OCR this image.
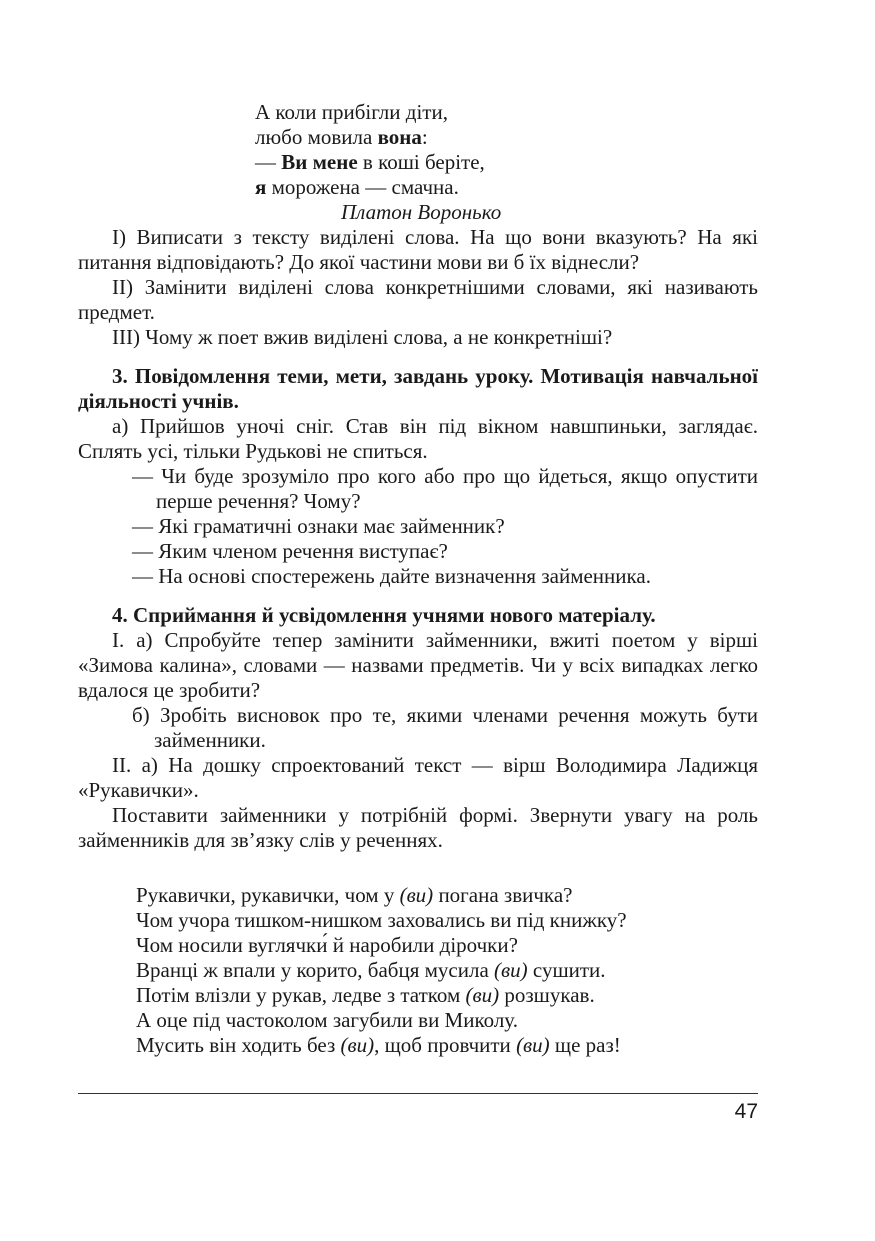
А коли прибігли діти,
любо мовила вона:
— Ви мене в коші беріте,
я морожена — смачна.
Платон Воронько

І) Виписати з тексту виділені слова. На що вони вказують? На які питання відповідають? До якої частини мови ви б їх віднесли?

ІІ) Замінити виділені слова конкретнішими словами, які називають предмет.

ІІІ) Чому ж поет вжив виділені слова, а не конкретніші?

3. Повідомлення теми, мети, завдань уроку. Мотивація навчальної діяльності учнів.

а) Прийшов уночі сніг. Став він під вікном навшпиньки, заглядає. Сплять усі, тільки Рудькові не спиться.

— Чи буде зрозуміло про кого або про що йдеться, якщо опустити перше речення? Чому?

— Які граматичні ознаки має займенник?

— Яким членом речення виступає?

— На основі спостережень дайте визначення займенника.

4. Сприймання й усвідомлення учнями нового матеріалу.

І. а) Спробуйте тепер замінити займенники, вжиті поетом у вірші «Зимова калина», словами — назвами предметів. Чи у всіх випадках легко вдалося це зробити?

б) Зробіть висновок про те, якими членами речення можуть бути займенники.

ІІ. а) На дошку спроектований текст — вірш Володимира Ладижця «Рукавички».

Поставити займенники у потрібній формі. Звернути увагу на роль займенників для зв’язку слів у реченнях.

Рукавички, рукавички, чом у (ви) погана звичка?
Чом учора тишком-нишком заховались ви під книжку?
Чом носили вуглячки́ й наробили дірочки?
Вранці ж впали у корито, бабця мусила (ви) сушити.
Потім влізли у рукав, ледве з татком (ви) розшукав.
А оце під частоколом загубили ви Миколу.
Мусить він ходить без (ви), щоб провчити (ви) ще раз!
47
